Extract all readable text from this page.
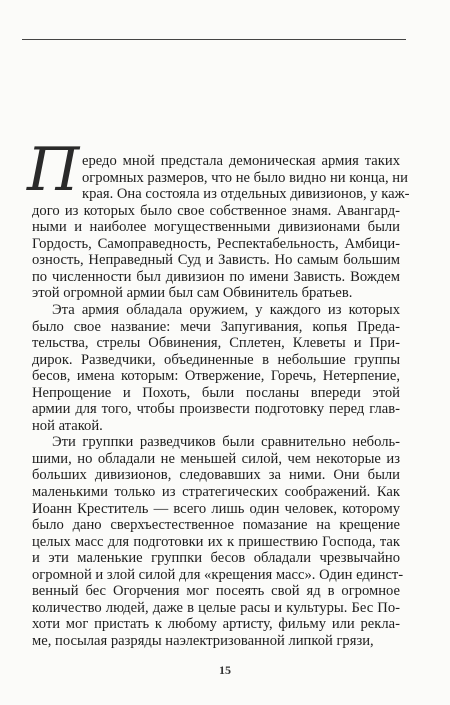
П ередо мной предстала демоническая армия таких
огромных размеров, что не было видно ни конца, ни
края. Она состояла из отдельных дивизионов, у каж-
дого из которых было свое собственное знамя. Авангард-
ными и наиболее могущественными дивизионами были
Гордость, Самоправедность, Респектабельность, Амбици-
озность, Неправедный Суд и Зависть. Но самым большим
по численности был дивизион по имени Зависть. Вождем
этой огромной армии был сам Обвинитель братьев.
Эта армия обладала оружием, у каждого из которых
было свое название: мечи Запугивания, копья Преда-
тельства, стрелы Обвинения, Сплетен, Клеветы и При-
дирок. Разведчики, объединенные в небольшие группы
бесов, имена которым: Отвержение, Горечь, Нетерпение,
Непрощение и Похоть, были посланы впереди этой
армии для того, чтобы произвести подготовку перед глав-
ной атакой.
Эти группки разведчиков были сравнительно неболь-
шими, но обладали не меньшей силой, чем некоторые из
больших дивизионов, следовавших за ними. Они были
маленькими только из стратегических соображений. Как
Иоанн Креститель — всего лишь один человек, которому
было дано сверхъестественное помазание на крещение
целых масс для подготовки их к пришествию Господа, так
и эти маленькие группки бесов обладали чрезвычайно
огромной и злой силой для «крещения масс». Один единст-
венный бес Огорчения мог посеять свой яд в огромное
количество людей, даже в целые расы и культуры. Бес По-
хоти мог пристать к любому артисту, фильму или рекла-
ме, посылая разряды наэлектризованной липкой грязи,
15
